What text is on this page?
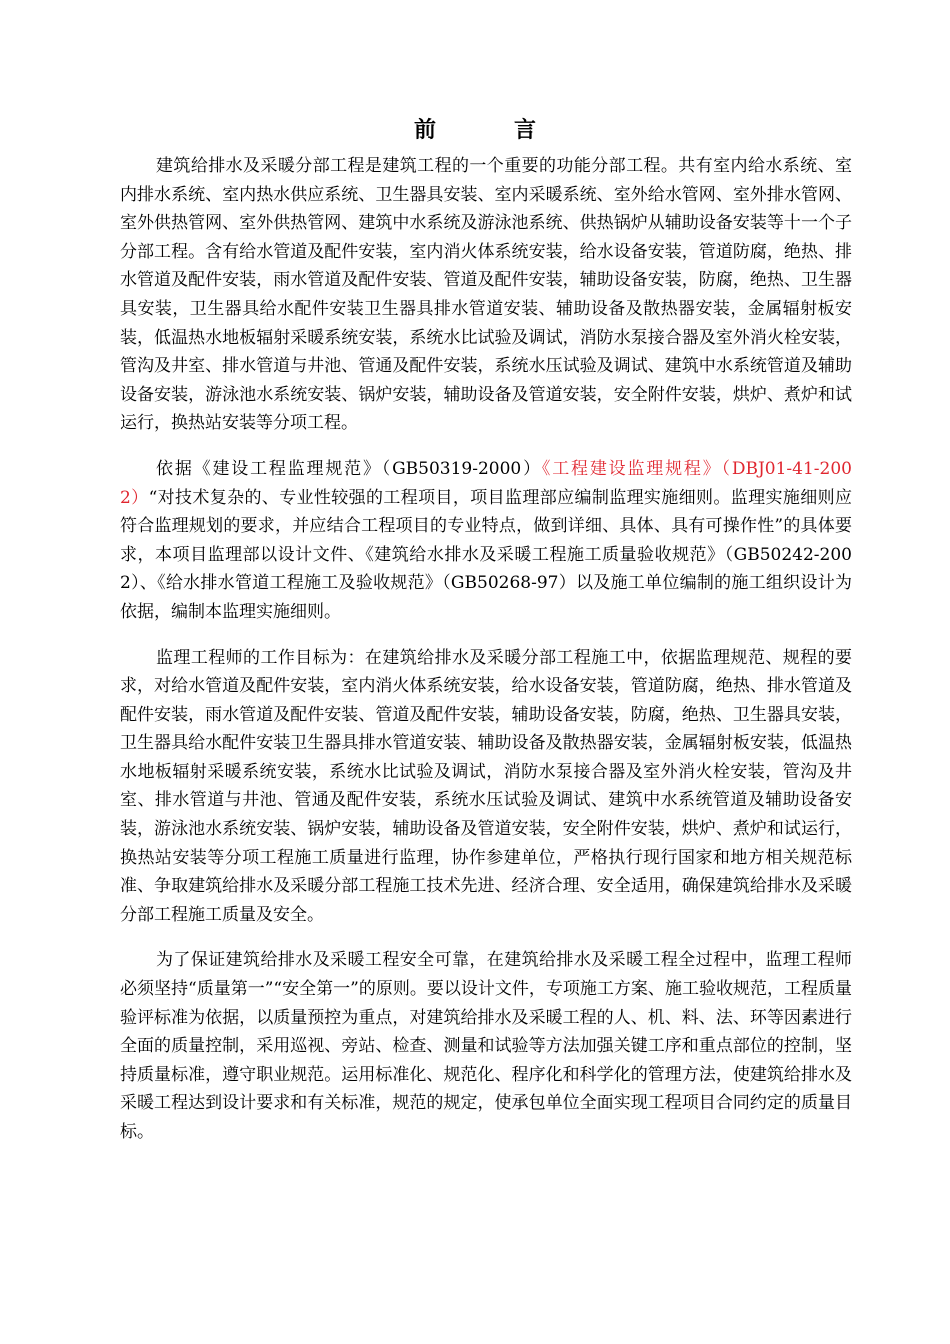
前	言

建筑给排水及采暖分部工程是建筑工程的一个重要的功能分部工程。共有室内给水系统、室内排水系统、室内热水供应系统、卫生器具安装、室内采暖系统、室外给水管网、室外排水管网、室外供热管网、室外供热管网、建筑中水系统及游泳池系统、供热锅炉从辅助设备安装等十一个子分部工程。含有给水管道及配件安装，室内消火体系统安装，给水设备安装，管道防腐，绝热、排水管道及配件安装，雨水管道及配件安装、管道及配件安装，辅助设备安装，防腐，绝热、卫生器具安装，卫生器具给水配件安装卫生器具排水管道安装、辅助设备及散热器安装，金属辐射板安装，低温热水地板辐射采暖系统安装，系统水比试验及调试，消防水泵接合器及室外消火栓安装，管沟及井室、排水管道与井池、管通及配件安装，系统水压试验及调试、建筑中水系统管道及辅助设备安装，游泳池水系统安装、锅炉安装，辅助设备及管道安装，安全附件安装，烘炉、煮炉和试运行，换热站安装等分项工程。

依据《建设工程监理规范》（GB50319-2000）《工程建设监理规程》（DBJ01-41-2002）“对技术复杂的、专业性较强的工程项目，项目监理部应编制监理实施细则。监理实施细则应符合监理规划的要求，并应结合工程项目的专业特点，做到详细、具体、具有可操作性”的具体要求，本项目监理部以设计文件、《建筑给水排水及采暖工程施工质量验收规范》（GB50242-2002）、《给水排水管道工程施工及验收规范》（GB50268-97）以及施工单位编制的施工组织设计为依据，编制本监理实施细则。

监理工程师的工作目标为：在建筑给排水及采暖分部工程施工中，依据监理规范、规程的要求，对给水管道及配件安装，室内消火体系统安装，给水设备安装，管道防腐，绝热、排水管道及配件安装，雨水管道及配件安装、管道及配件安装，辅助设备安装，防腐，绝热、卫生器具安装，卫生器具给水配件安装卫生器具排水管道安装、辅助设备及散热器安装，金属辐射板安装，低温热水地板辐射采暖系统安装，系统水比试验及调试，消防水泵接合器及室外消火栓安装，管沟及井室、排水管道与井池、管通及配件安装，系统水压试验及调试、建筑中水系统管道及辅助设备安装，游泳池水系统安装、锅炉安装，辅助设备及管道安装，安全附件安装，烘炉、煮炉和试运行，换热站安装等分项工程施工质量进行监理，协作参建单位，严格执行现行国家和地方相关规范标准、争取建筑给排水及采暖分部工程施工技术先进、经济合理、安全适用，确保建筑给排水及采暖分部工程施工质量及安全。

为了保证建筑给排水及采暖工程安全可靠，在建筑给排水及采暖工程全过程中，监理工程师必须坚持“质量第一”“安全第一”的原则。要以设计文件，专项施工方案、施工验收规范，工程质量验评标准为依据，以质量预控为重点，对建筑给排水及采暖工程的人、机、料、法、环等因素进行全面的质量控制，采用巡视、旁站、检查、测量和试验等方法加强关键工序和重点部位的控制，坚持质量标准，遵守职业规范。运用标准化、规范化、程序化和科学化的管理方法，使建筑给排水及采暖工程达到设计要求和有关标准，规范的规定，使承包单位全面实现工程项目合同约定的质量目标。
